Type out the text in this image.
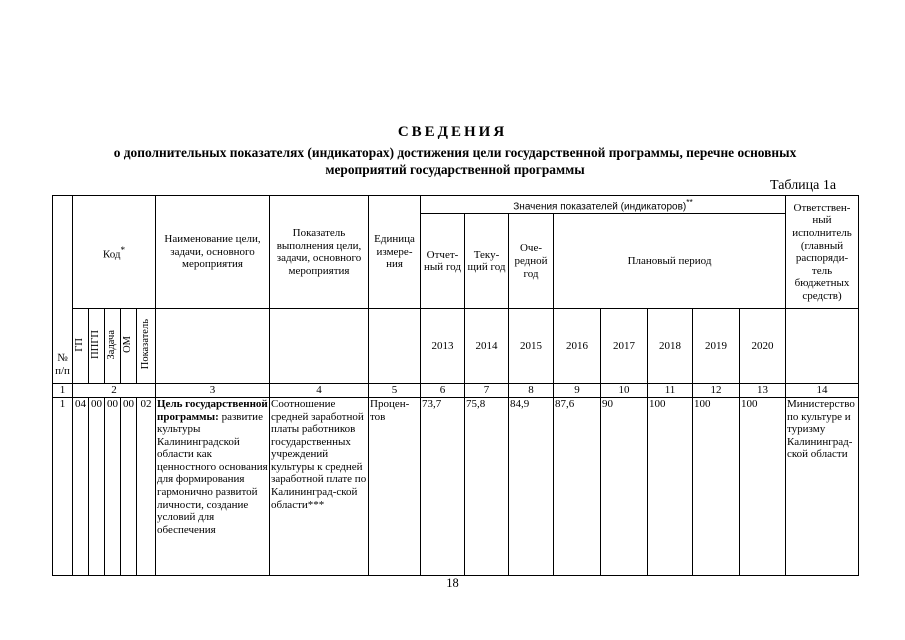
СВЕДЕНИЯ
о дополнительных показателях (индикаторах) достижения цели государственной программы, перечне основных
мероприятий государственной программы
Таблица 1а
№ п/п	Код*					Наименование цели, задачи, основного мероприятия	Показатель выполнения цели, задачи, основного мероприятия	Единица измере-ния	Значения показателей (индикаторов)**								Ответствен-ный исполнитель (главный распоряди-тель бюджетных средств)
									Отчет-ный год	Теку-щий год	Оче-редной год	Плановый период					
	ГП	ППГП	Задача	ОМ	Показатель				2013	2014	2015	2016	2017	2018	2019	2020	
1	2					3	4	5	6	7	8	9	10	11	12	13	14
1	04	00	00	00	02	Цель государственной программы: развитие культуры Калининградской области как ценностного основания для формирования гармонично развитой личности, создание условий для обеспечения	Соотношение средней заработной платы работников государственных учреждений культуры к средней заработной плате по Калининград-ской области***	Процен-тов	73,7	75,8	84,9	87,6	90	100	100	100	Министерство по культуре и туризму Калининград-ской области
18
